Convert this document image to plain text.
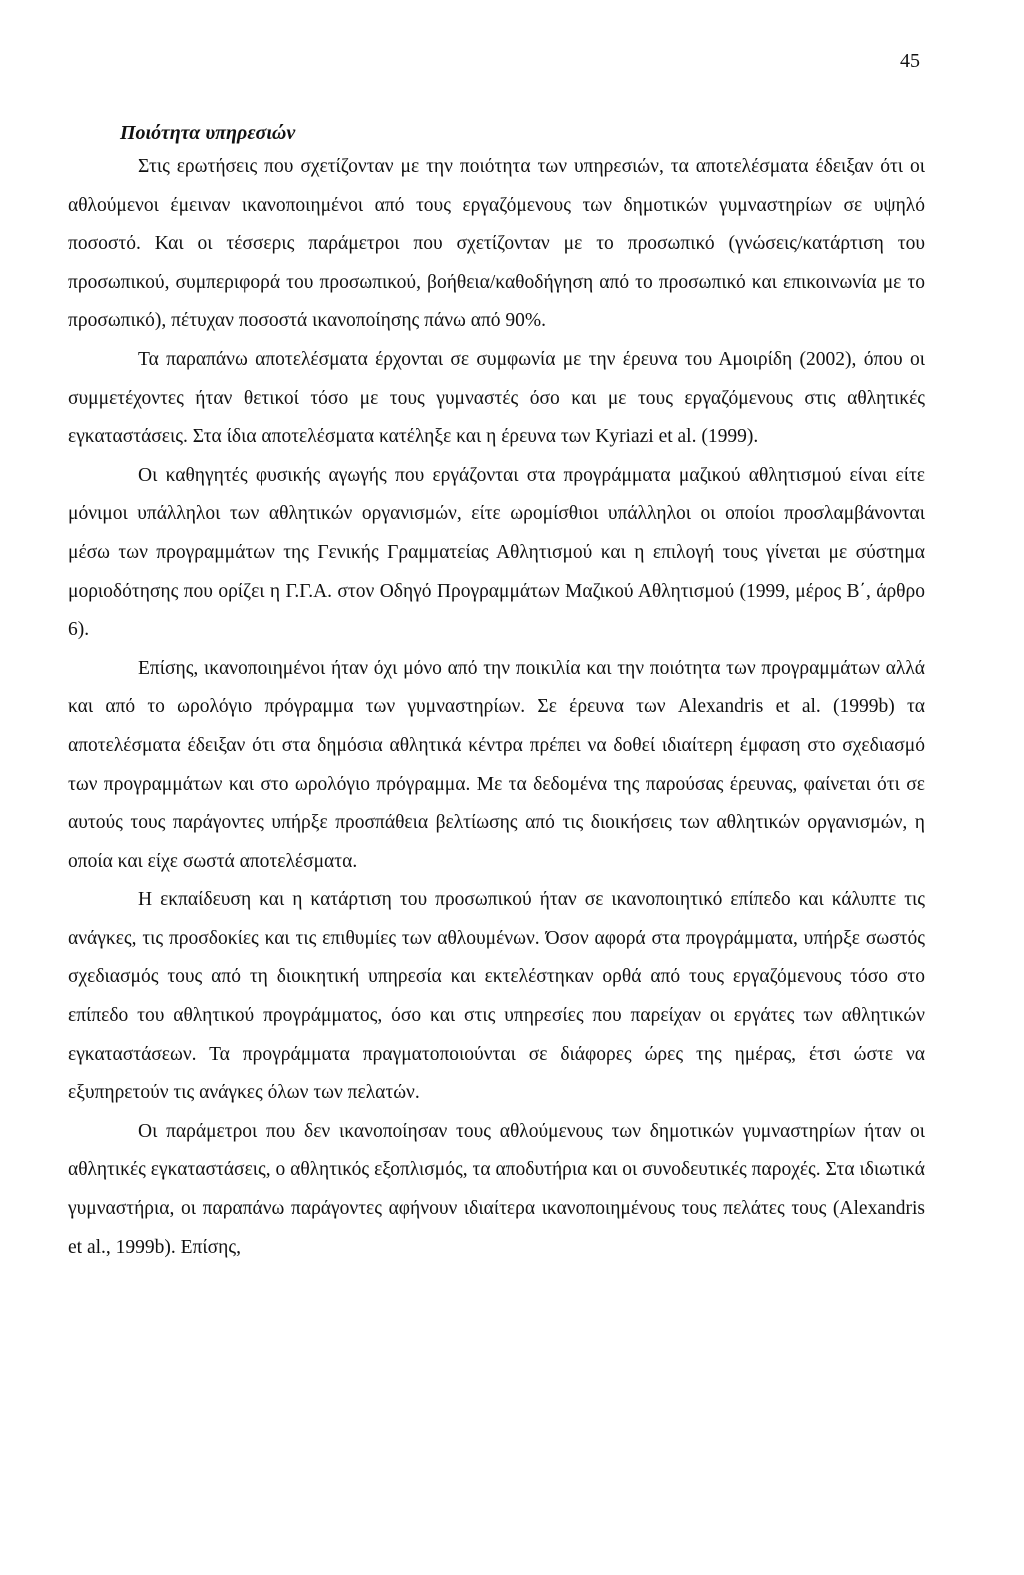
45
Ποιότητα υπηρεσιών

Στις ερωτήσεις που σχετίζονταν με την ποιότητα των υπηρεσιών, τα αποτελέσματα έδειξαν ότι οι αθλούμενοι έμειναν ικανοποιημένοι από τους εργαζόμενους των δημοτικών γυμναστηρίων σε υψηλό ποσοστό. Και οι τέσσερις παράμετροι που σχετίζονταν με το προσωπικό (γνώσεις/κατάρτιση του προσωπικού, συμπεριφορά του προσωπικού, βοήθεια/καθοδήγηση από το προσωπικό και επικοινωνία με το προσωπικό), πέτυχαν ποσοστά ικανοποίησης πάνω από 90%.

Τα παραπάνω αποτελέσματα έρχονται σε συμφωνία με την έρευνα του Αμοιρίδη (2002), όπου οι συμμετέχοντες ήταν θετικοί τόσο με τους γυμναστές όσο και με τους εργαζόμενους στις αθλητικές εγκαταστάσεις. Στα ίδια αποτελέσματα κατέληξε και η έρευνα των Kyriazi et al. (1999).

Οι καθηγητές φυσικής αγωγής που εργάζονται στα προγράμματα μαζικού αθλητισμού είναι είτε μόνιμοι υπάλληλοι των αθλητικών οργανισμών, είτε ωρομίσθιοι υπάλληλοι οι οποίοι προσλαμβάνονται μέσω των προγραμμάτων της Γενικής Γραμματείας Αθλητισμού και η επιλογή τους γίνεται με σύστημα μοριοδότησης που ορίζει η Γ.Γ.Α. στον Οδηγό Προγραμμάτων Μαζικού Αθλητισμού (1999, μέρος Β΄, άρθρο 6).

Επίσης, ικανοποιημένοι ήταν όχι μόνο από την ποικιλία και την ποιότητα των προγραμμάτων αλλά και από το ωρολόγιο πρόγραμμα των γυμναστηρίων. Σε έρευνα των Alexandris et al. (1999b) τα αποτελέσματα έδειξαν ότι στα δημόσια αθλητικά κέντρα πρέπει να δοθεί ιδιαίτερη έμφαση στο σχεδιασμό των προγραμμάτων και στο ωρολόγιο πρόγραμμα. Με τα δεδομένα της παρούσας έρευνας, φαίνεται ότι σε αυτούς τους παράγοντες υπήρξε προσπάθεια βελτίωσης από τις διοικήσεις των αθλητικών οργανισμών, η οποία και είχε σωστά αποτελέσματα.

Η εκπαίδευση και η κατάρτιση του προσωπικού ήταν σε ικανοποιητικό επίπεδο και κάλυπτε τις ανάγκες, τις προσδοκίες και τις επιθυμίες των αθλουμένων. Όσον αφορά στα προγράμματα, υπήρξε σωστός σχεδιασμός τους από τη διοικητική υπηρεσία και εκτελέστηκαν ορθά από τους εργαζόμενους τόσο στο επίπεδο του αθλητικού προγράμματος, όσο και στις υπηρεσίες που παρείχαν οι εργάτες των αθλητικών εγκαταστάσεων. Τα προγράμματα πραγματοποιούνται σε διάφορες ώρες της ημέρας, έτσι ώστε να εξυπηρετούν τις ανάγκες όλων των πελατών.

Οι παράμετροι που δεν ικανοποίησαν τους αθλούμενους των δημοτικών γυμναστηρίων ήταν οι αθλητικές εγκαταστάσεις, ο αθλητικός εξοπλισμός, τα αποδυτήρια και οι συνοδευτικές παροχές. Στα ιδιωτικά γυμναστήρια, οι παραπάνω παράγοντες αφήνουν ιδιαίτερα ικανοποιημένους τους πελάτες τους (Alexandris et al., 1999b). Επίσης,
